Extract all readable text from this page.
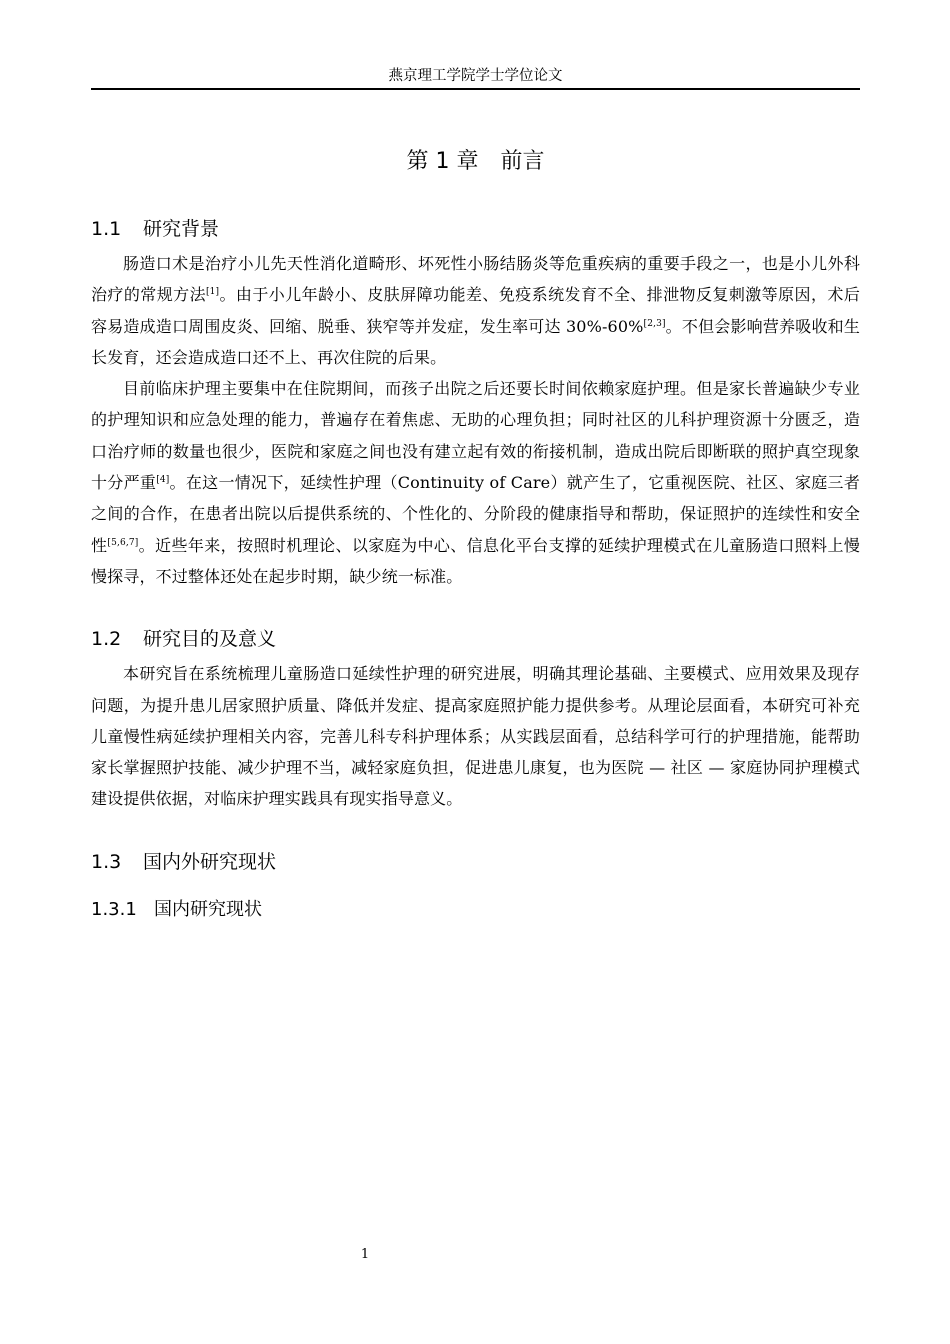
燕京理工学院学士学位论文
第 1 章　前言
1.1 研究背景

肠造口术是治疗小儿先天性消化道畸形、坏死性小肠结肠炎等危重疾病的重要手段之一，也是小儿外科治疗的常规方法[1]。由于小儿年龄小、皮肤屏障功能差、免疫系统发育不全、排泄物反复刺激等原因，术后容易造成造口周围皮炎、回缩、脱垂、狭窄等并发症，发生率可达 30%-60%[2,3]。不但会影响营养吸收和生长发育，还会造成造口还不上、再次住院的后果。

目前临床护理主要集中在住院期间，而孩子出院之后还要长时间依赖家庭护理。但是家长普遍缺少专业的护理知识和应急处理的能力，普遍存在着焦虑、无助的心理负担；同时社区的儿科护理资源十分匮乏，造口治疗师的数量也很少，医院和家庭之间也没有建立起有效的衔接机制，造成出院后即断联的照护真空现象十分严重[4]。在这一情况下，延续性护理（Continuity of Care）就产生了，它重视医院、社区、家庭三者之间的合作，在患者出院以后提供系统的、个性化的、分阶段的健康指导和帮助，保证照护的连续性和安全性[5,6,7]。近些年来，按照时机理论、以家庭为中心、信息化平台支撑的延续护理模式在儿童肠造口照料上慢慢探寻，不过整体还处在起步时期，缺少统一标准。

1.2 研究目的及意义

本研究旨在系统梳理儿童肠造口延续性护理的研究进展，明确其理论基础、主要模式、应用效果及现存问题，为提升患儿居家照护质量、降低并发症、提高家庭照护能力提供参考。从理论层面看，本研究可补充儿童慢性病延续护理相关内容，完善儿科专科护理体系；从实践层面看，总结科学可行的护理措施，能帮助家长掌握照护技能、减少护理不当，减轻家庭负担，促进患儿康复，也为医院 — 社区 — 家庭协同护理模式建设提供依据，对临床护理实践具有现实指导意义。

1.3 国内外研究现状
1.3.1 国内研究现状
1
